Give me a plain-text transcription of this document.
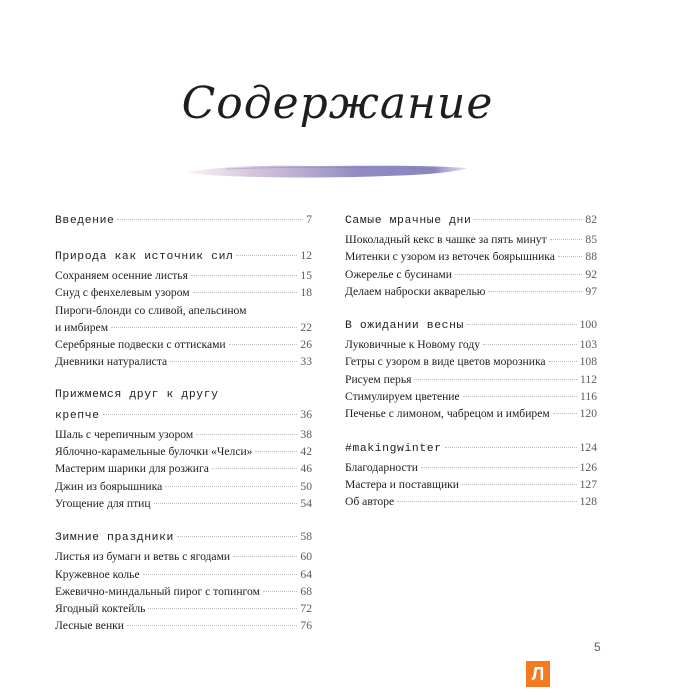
Содержание
Введение	7
Природа как источник сил	12
Сохраняем осенние листья	15
Снуд с фенхелевым узором	18
Пироги-блонди со сливой, апельсином
и имбирем	22
Серебряные подвески с оттисками	26
Дневники натуралиста	33
Прижмемся друг к другу
крепче	36
Шаль с черепичным узором	38
Яблочно-карамельные булочки «Челси»	42
Мастерим шарики для розжига	46
Джин из боярышника	50
Угощение для птиц	54
Зимние праздники	58
Листья из бумаги и ветвь с ягодами	60
Кружевное колье	64
Ежевично-миндальный пирог с топингом	68
Ягодный коктейль	72
Лесные венки	76
Самые мрачные дни	82
Шоколадный кекс в чашке за пять минут	85
Митенки с узором из веточек боярышника	88
Ожерелье с бусинами	92
Делаем наброски акварелью	97
В ожидании весны	100
Луковичные к Новому году	103
Гетры с узором в виде цветов морозника	108
Рисуем перья	112
Стимулируем цветение	116
Печенье с лимоном, чабрецом и имбирем	120
#makingwinter	124
Благодарности	126
Мастера и поставщики	127
Об авторе	128
5
Л
